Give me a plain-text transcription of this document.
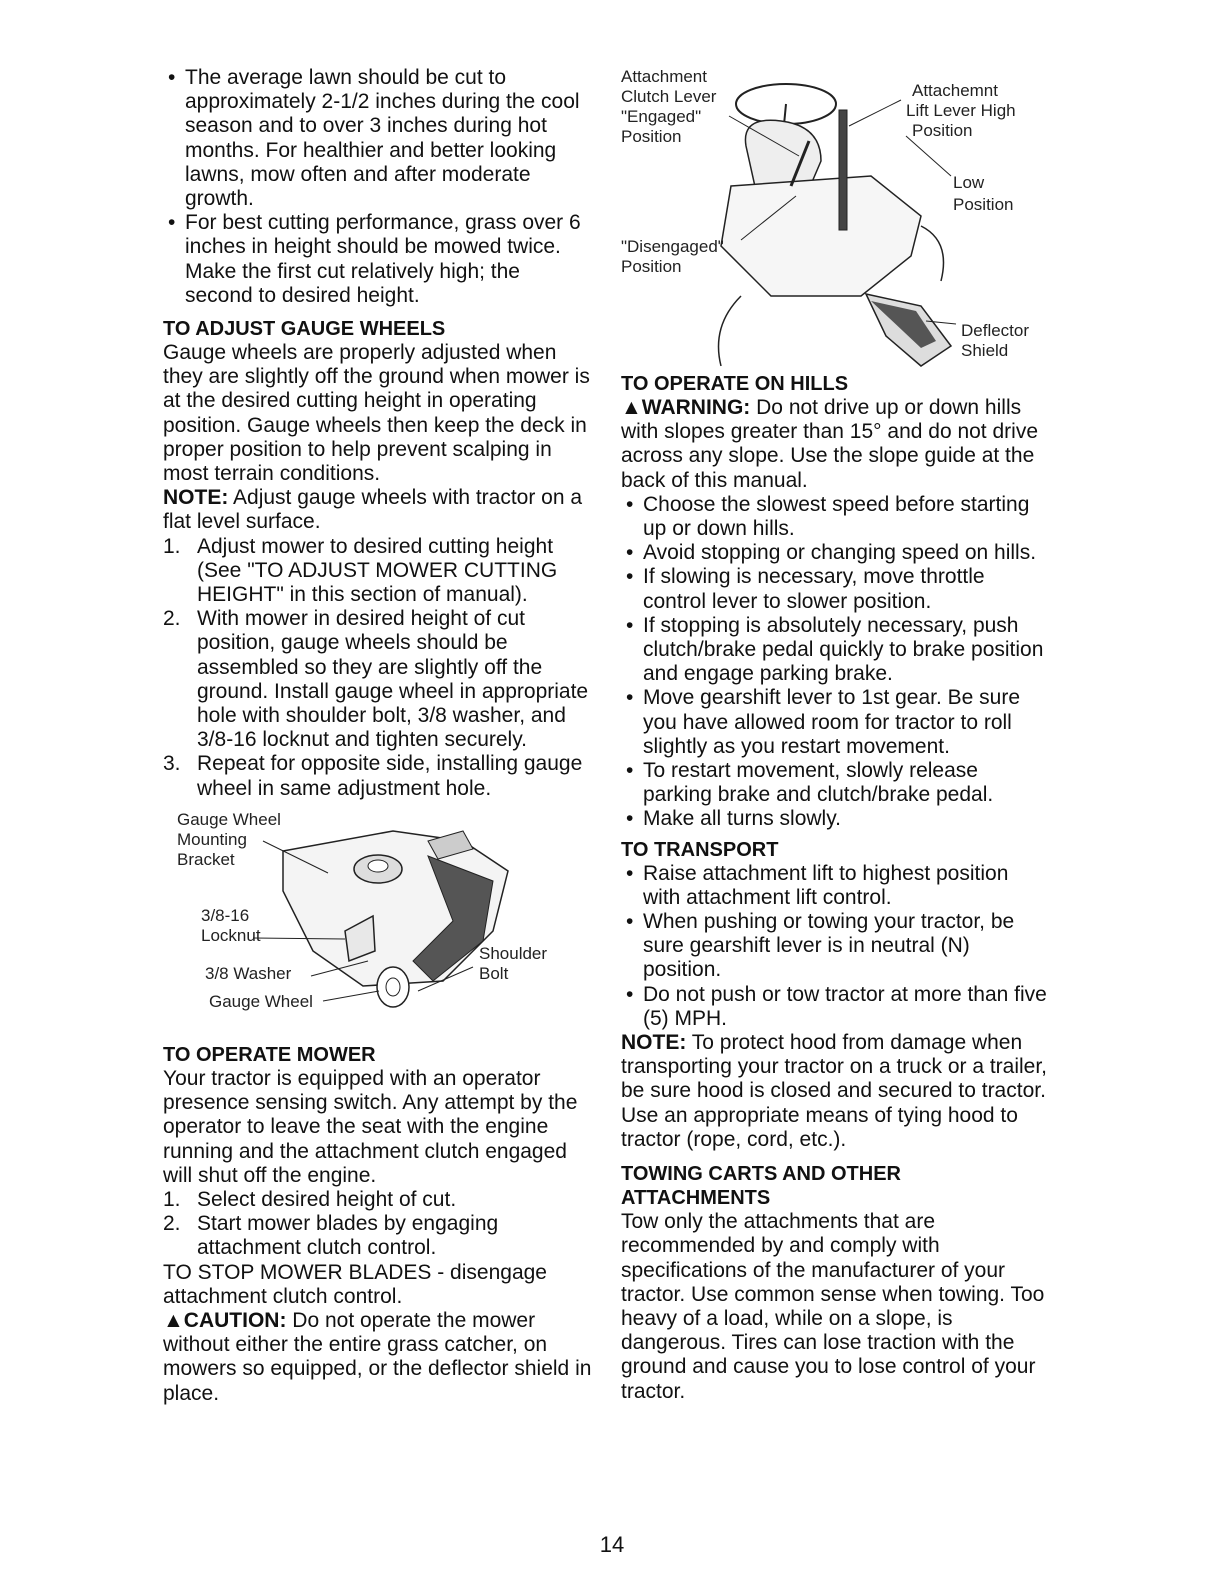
• The average lawn should be cut to approximately 2-1/2 inches during the cool season and to over 3 inches during hot months. For healthier and better looking lawns, mow often and after moderate growth.
• For best cutting performance, grass over 6 inches in height should be mowed twice. Make the first cut relatively high; the second to desired height.
TO ADJUST GAUGE WHEELS

Gauge wheels are properly adjusted when they are slightly off the ground when mower is at the desired cutting height in operating position. Gauge wheels then keep the deck in proper position to help prevent scalping in most terrain conditions.

NOTE: Adjust gauge wheels with tractor on a flat level surface.

1. Adjust mower to desired cutting height (See "TO ADJUST MOWER CUTTING HEIGHT" in this section of manual).
2. With mower in desired height of cut position, gauge wheels should be assembled so they are slightly off the ground. Install gauge wheel in appropriate hole with shoulder bolt, 3/8 washer, and 3/8-16 locknut and tighten securely.
3. Repeat for opposite side, installing gauge wheel in same adjustment hole.
Gauge Wheel
Mounting
Bracket
3/8-16
Locknut
3/8 Washer
Gauge Wheel
Shoulder
Bolt
TO OPERATE MOWER

Your tractor is equipped with an operator presence sensing switch. Any attempt by the operator to leave the seat with the engine running and the attachment clutch engaged will shut off the engine.

1. Select desired height of cut.
2. Start mower blades by engaging attachment clutch control.

TO STOP MOWER BLADES - disengage attachment clutch control.

▲CAUTION: Do not operate the mower without either the entire grass catcher, on mowers so equipped, or the deflector shield in place.

Attachment
Clutch Lever
"Engaged"
Position
Attachemnt
Lift Lever High
Position
Low
Position
"Disengaged"
Position
Deflector
Shield
TO OPERATE ON HILLS

▲WARNING: Do not drive up or down hills with slopes greater than 15° and do not drive across any slope. Use the slope guide at the back of this manual.

• Choose the slowest speed before starting up or down hills.
• Avoid stopping or changing speed on hills.
• If slowing is necessary, move throttle control lever to slower position.
• If stopping is absolutely necessary, push clutch/brake pedal quickly to brake position and engage parking brake.
• Move gearshift lever to 1st gear. Be sure you have allowed room for tractor to roll slightly as you restart movement.
• To restart movement, slowly release parking brake and clutch/brake pedal.
• Make all turns slowly.
TO TRANSPORT
• Raise attachment lift to highest position with attachment lift control.
• When pushing or towing your tractor, be sure gearshift lever is in neutral (N) position.
• Do not push or tow tractor at more than five (5) MPH.

NOTE: To protect hood from damage when transporting your tractor on a truck or a trailer, be sure hood is closed and secured to tractor. Use an appropriate means of tying hood to tractor (rope, cord, etc.).

TOWING CARTS AND OTHER ATTACHMENTS

Tow only the attachments that are recommended by and comply with specifications of the manufacturer of your tractor. Use common sense when towing. Too heavy of a load, while on a slope, is dangerous. Tires can lose traction with the ground and cause you to lose control of your tractor.

14
